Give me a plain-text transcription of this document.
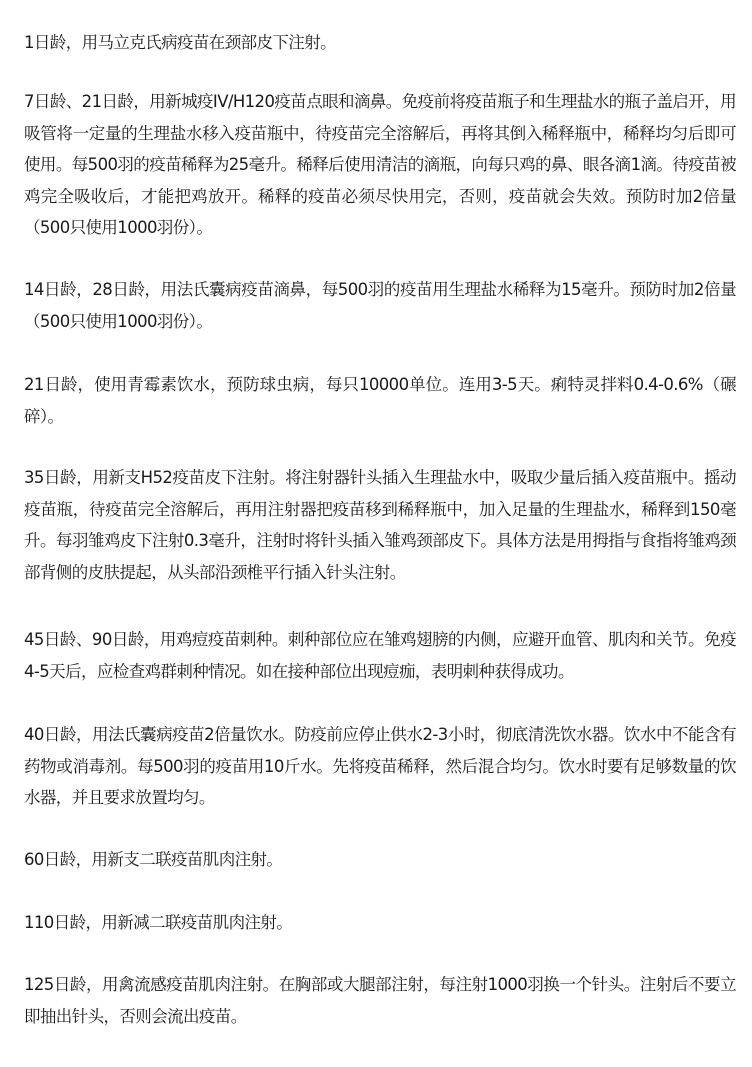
1日龄，用马立克氏病疫苗在颈部皮下注射。

7日龄、21日龄，用新城疫IV/H120疫苗点眼和滴鼻。免疫前将疫苗瓶子和生理盐水的瓶子盖启开，用吸管将一定量的生理盐水移入疫苗瓶中，待疫苗完全溶解后，再将其倒入稀释瓶中，稀释均匀后即可使用。每500羽的疫苗稀释为25毫升。稀释后使用清洁的滴瓶，向每只鸡的鼻、眼各滴1滴。待疫苗被鸡完全吸收后，才能把鸡放开。稀释的疫苗必须尽快用完，否则，疫苗就会失效。预防时加2倍量（500只使用1000羽份）。

14日龄，28日龄，用法氏囊病疫苗滴鼻，每500羽的疫苗用生理盐水稀释为15毫升。预防时加2倍量（500只使用1000羽份）。

21日龄，使用青霉素饮水，预防球虫病，每只10000单位。连用3-5天。痢特灵拌料0.4-0.6%（碾碎）。

35日龄，用新支H52疫苗皮下注射。将注射器针头插入生理盐水中，吸取少量后插入疫苗瓶中。摇动疫苗瓶，待疫苗完全溶解后，再用注射器把疫苗移到稀释瓶中，加入足量的生理盐水，稀释到150毫升。每羽雏鸡皮下注射0.3毫升，注射时将针头插入雏鸡颈部皮下。具体方法是用拇指与食指将雏鸡颈部背侧的皮肤提起，从头部沿颈椎平行插入针头注射。

45日龄、90日龄，用鸡痘疫苗刺种。刺种部位应在雏鸡翅膀的内侧，应避开血管、肌肉和关节。免疫4-5天后，应检查鸡群刺种情况。如在接种部位出现痘痂，表明刺种获得成功。

40日龄，用法氏囊病疫苗2倍量饮水。防疫前应停止供水2-3小时，彻底清洗饮水器。饮水中不能含有药物或消毒剂。每500羽的疫苗用10斤水。先将疫苗稀释，然后混合均匀。饮水时要有足够数量的饮水器，并且要求放置均匀。

60日龄，用新支二联疫苗肌肉注射。

110日龄，用新减二联疫苗肌肉注射。

125日龄，用禽流感疫苗肌肉注射。在胸部或大腿部注射，每注射1000羽换一个针头。注射后不要立即抽出针头，否则会流出疫苗。
